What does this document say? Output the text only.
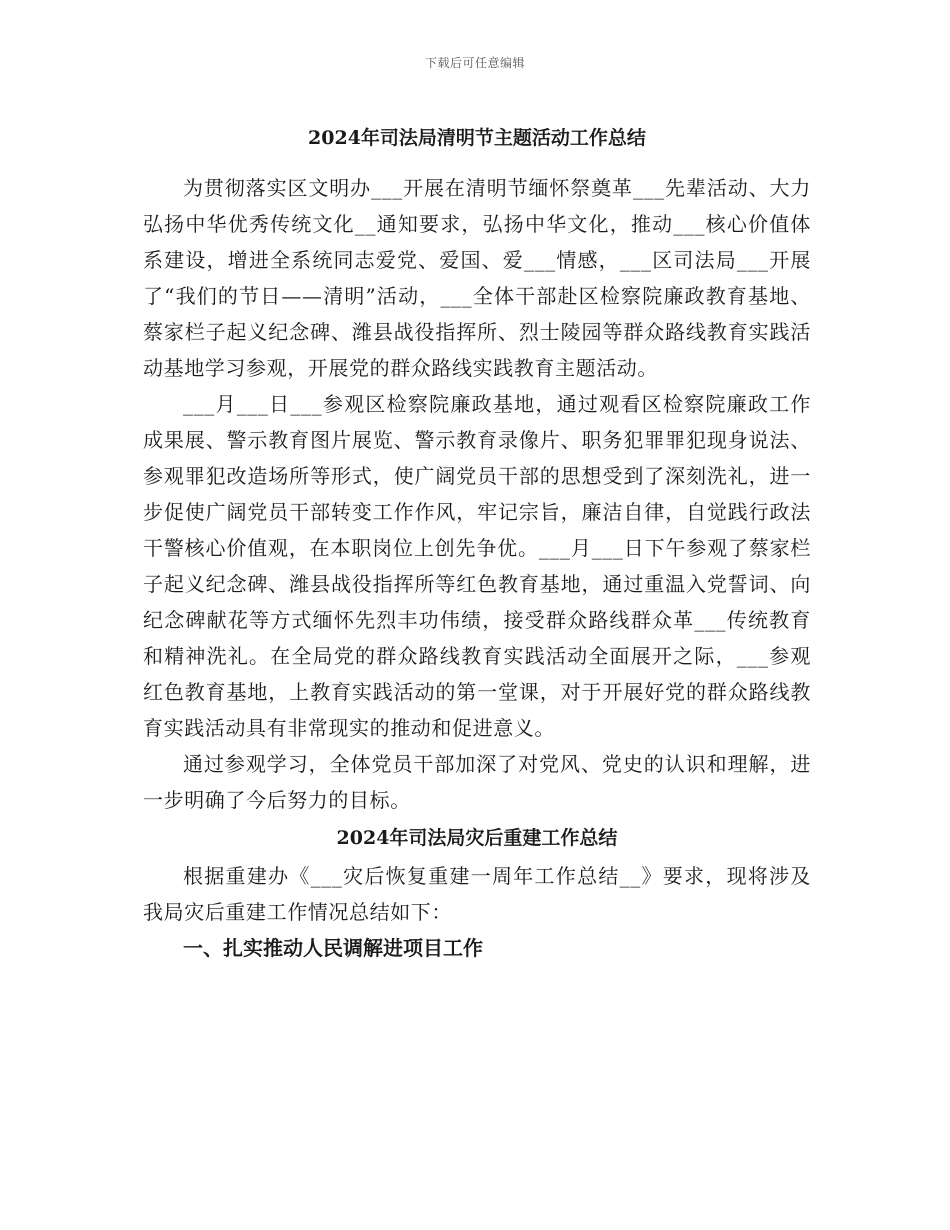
下载后可任意编辑
2024年司法局清明节主题活动工作总结

为贯彻落实区文明办___开展在清明节缅怀祭奠革___先辈活动、大力弘扬中华优秀传统文化__通知要求，弘扬中华文化，推动___核心价值体系建设，增进全系统同志爱党、爱国、爱___情感，___区司法局___开展了“我们的节日——清明”活动，___全体干部赴区检察院廉政教育基地、蔡家栏子起义纪念碑、潍县战役指挥所、烈士陵园等群众路线教育实践活动基地学习参观，开展党的群众路线实践教育主题活动。

___月___日___参观区检察院廉政基地，通过观看区检察院廉政工作成果展、警示教育图片展览、警示教育录像片、职务犯罪罪犯现身说法、参观罪犯改造场所等形式，使广阔党员干部的思想受到了深刻洗礼，进一步促使广阔党员干部转变工作作风，牢记宗旨，廉洁自律，自觉践行政法干警核心价值观，在本职岗位上创先争优。___月___日下午参观了蔡家栏子起义纪念碑、潍县战役指挥所等红色教育基地，通过重温入党誓词、向纪念碑献花等方式缅怀先烈丰功伟绩，接受群众路线群众革___传统教育和精神洗礼。在全局党的群众路线教育实践活动全面展开之际，___参观红色教育基地，上教育实践活动的第一堂课，对于开展好党的群众路线教育实践活动具有非常现实的推动和促进意义。

通过参观学习，全体党员干部加深了对党风、党史的认识和理解，进一步明确了今后努力的目标。

2024年司法局灾后重建工作总结

根据重建办《___灾后恢复重建一周年工作总结__》要求，现将涉及我局灾后重建工作情况总结如下：

一、扎实推动人民调解进项目工作
